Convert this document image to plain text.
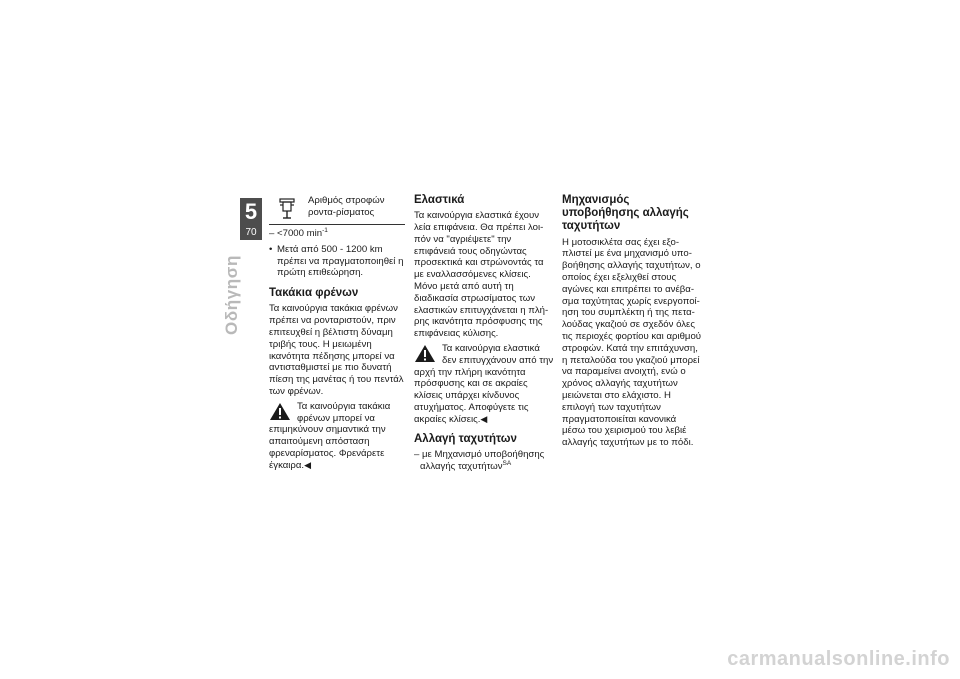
5
70
Οδήγηση
Αριθμός στροφών ροντα-ρίσματος
– <7000 $\min^{-1}$
• Μετά από 500 - 1200 km πρέπει να πραγματοποιηθεί η πρώτη επιθεώρηση.
Τακάκια φρένων

Τα καινούργια τακάκια φρένων πρέπει να ρονταριστούν, πριν επιτευχθεί η βέλτιστη δύναμη τριβής τους. Η μειωμένη ικανότητα πέδησης μπορεί να αντισταθμιστεί με πιο δυνατή πίεση της μανέτας ή του πεντάλ των φρένων.

Τα καινούργια τακάκια φρένων μπορεί να επιμηκύνουν σημαντικά την απαιτούμενη απόσταση φρεναρίσματος. Φρενάρετε έγκαιρα.◀
Ελαστικά

Τα καινούργια ελαστικά έχουν λεία επιφάνεια. Θα πρέπει λοιπόν να "αγριέψετε" την επιφάνειά τους οδηγώντας προσεκτικά και στρώνοντάς τα με εναλλασσόμενες κλίσεις. Μόνο μετά από αυτή τη διαδικασία στρωσίματος των ελαστικών επιτυγχάνεται η πλήρης ικανότητα πρόσφυσης της επιφάνειας κύλισης.

Τα καινούργια ελαστικά δεν επιτυγχάνουν από την αρχή την πλήρη ικανότητα πρόσφυσης και σε ακραίες κλίσεις υπάρχει κίνδυνος ατυχήματος. Αποφύγετε τις ακραίες κλίσεις.◀
Αλλαγή ταχυτήτων
– με Μηχανισμό υποβοήθησης αλλαγής ταχυτήτων$^{SA}$
Μηχανισμός υποβοήθησης αλλαγής ταχυτήτων

Η μοτοσικλέτα σας έχει εξοπλιστεί με ένα μηχανισμό υποβοήθησης αλλαγής ταχυτήτων, ο οποίος έχει εξελιχθεί στους αγώνες και επιτρέπει το ανέβασμα ταχύτητας χωρίς ενεργοποίηση του συμπλέκτη ή της πεταλούδας γκαζιού σε σχεδόν όλες τις περιοχές φορτίου και αριθμού στροφών. Κατά την επιτάχυνση, η πεταλούδα του γκαζιού μπορεί να παραμείνει ανοιχτή, ενώ ο χρόνος αλλαγής ταχυτήτων μειώνεται στο ελάχιστο. Η επιλογή των ταχυτήτων πραγματοποιείται κανονικά μέσω του χειρισμού του λεβιέ αλλαγής ταχυτήτων με το πόδι.

carmanualsonline.info
